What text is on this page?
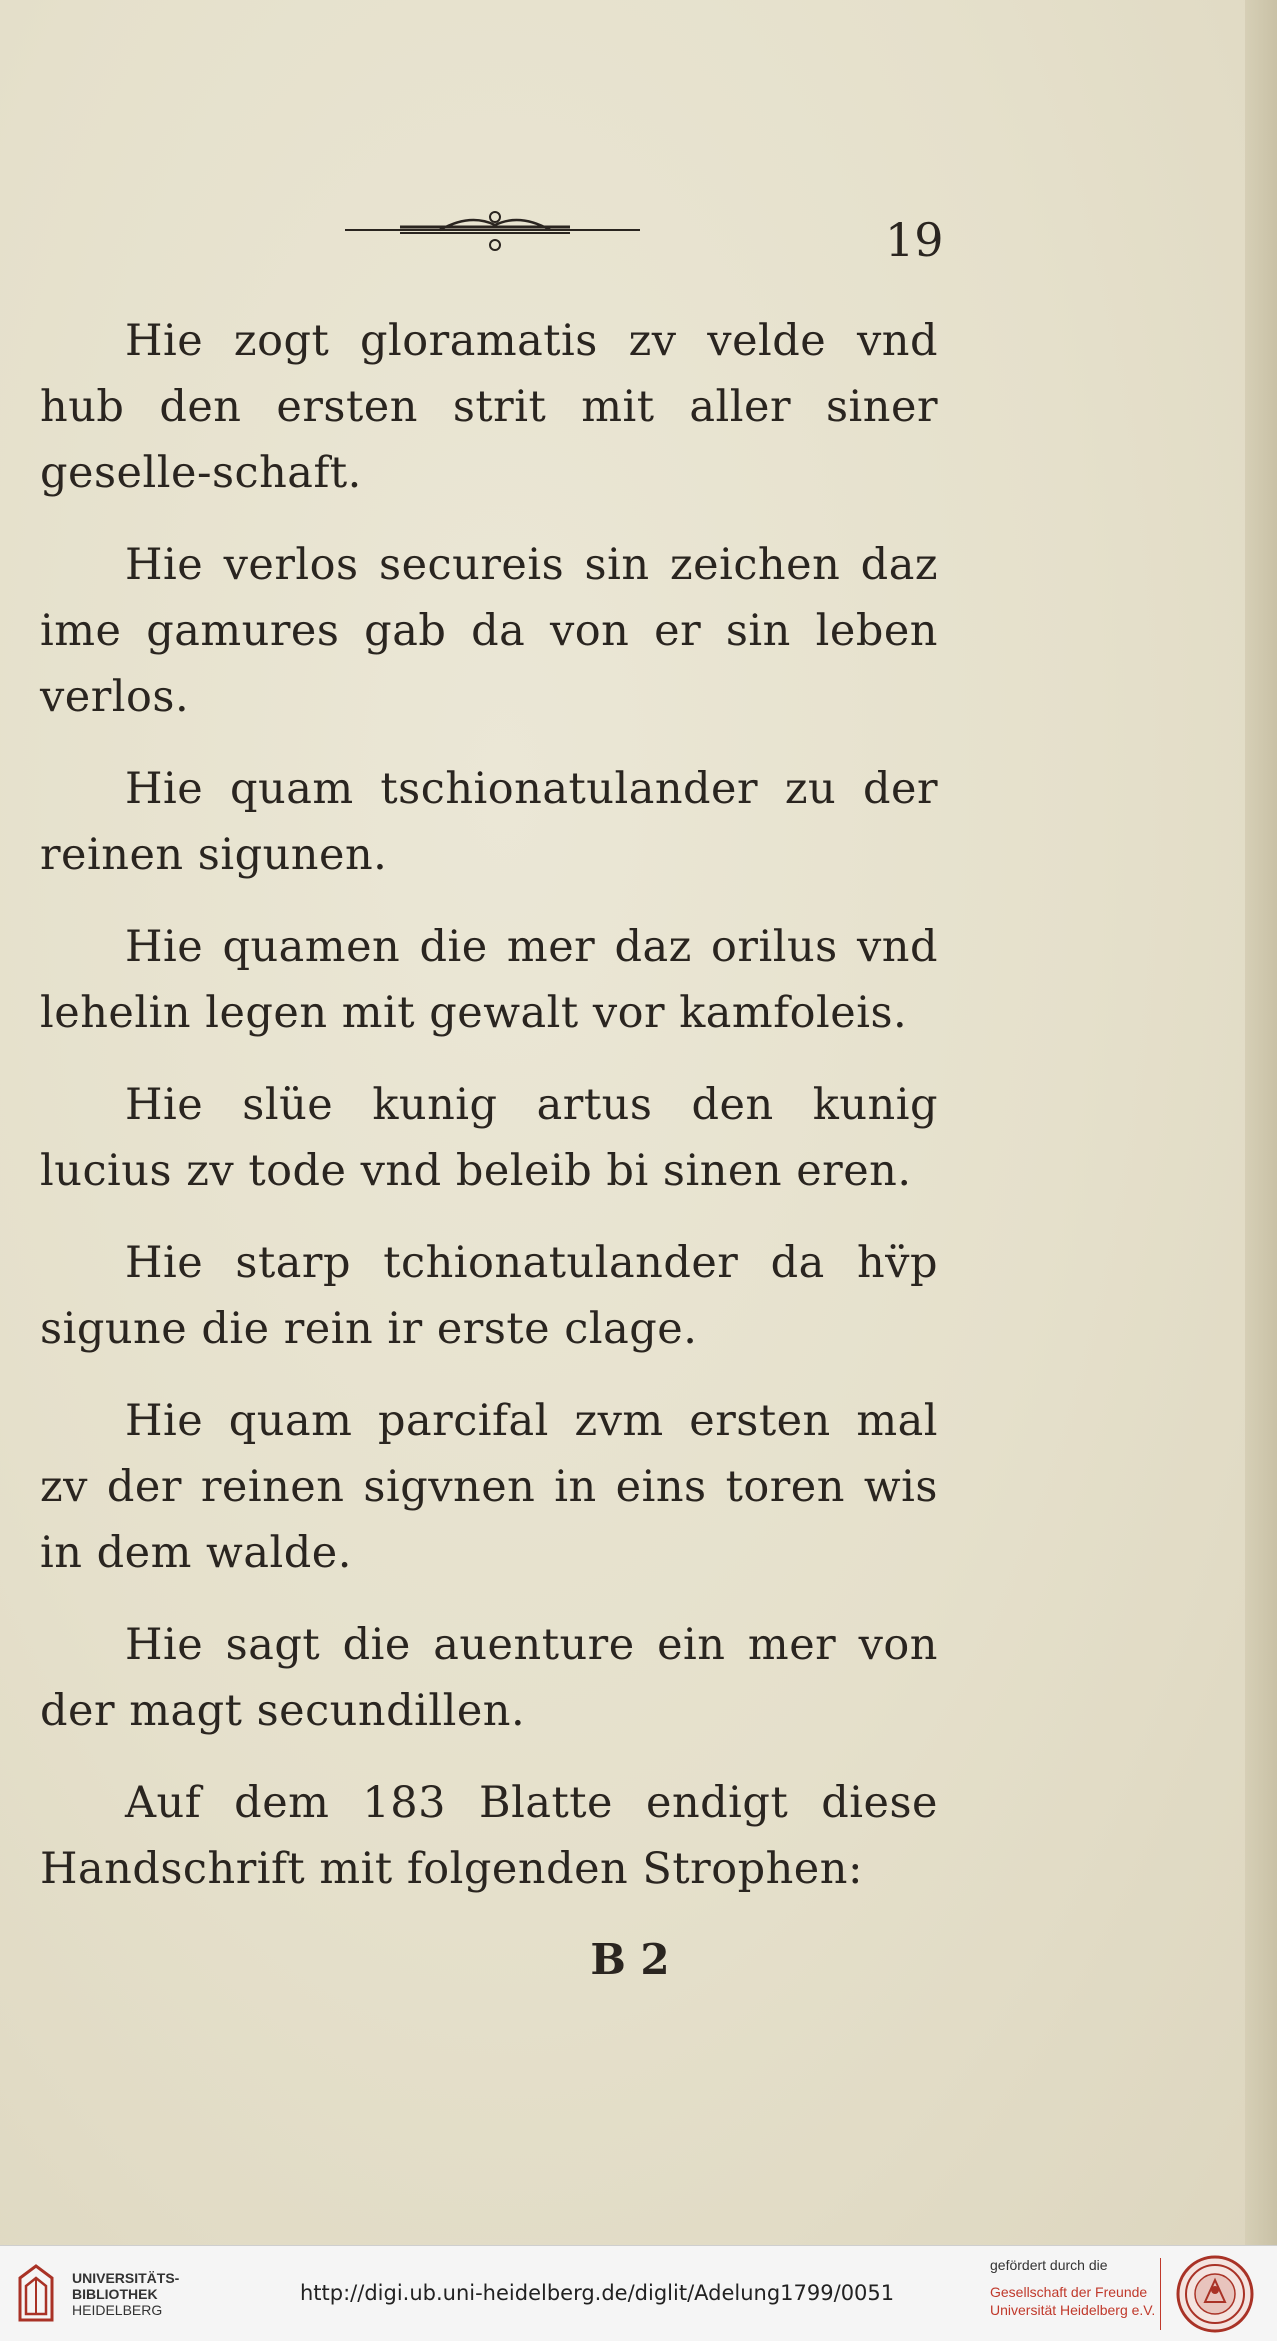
19

Hie zogt gloramatis zv velde vnd hub den ersten strit mit aller siner geselle-schaft.

Hie verlos secureis sin zeichen daz ime gamures gab da von er sin leben verlos.

Hie quam tschionatulander zu der reinen sigunen.

Hie quamen die mer daz orilus vnd lehelin legen mit gewalt vor kamfoleis.

Hie slüe kunig artus den kunig lucius zv tode vnd beleib bi sinen eren.

Hie starp tchionatulander da hv̈p sigune die rein ir erste clage.

Hie quam parcifal zvm ersten mal zv der reinen sigvnen in eins toren wis in dem walde.

Hie sagt die auenture ein mer von der magt secundillen.

Auf dem 183 Blatte endigt diese Handschrift mit folgenden Strophen:

B 2
UNIVERSITÄTS-
BIBLIOTHEK
HEIDELBERG
http://digi.ub.uni-heidelberg.de/diglit/Adelung1799/0051
gefördert durch die
Gesellschaft der Freunde
Universität Heidelberg e.V.
